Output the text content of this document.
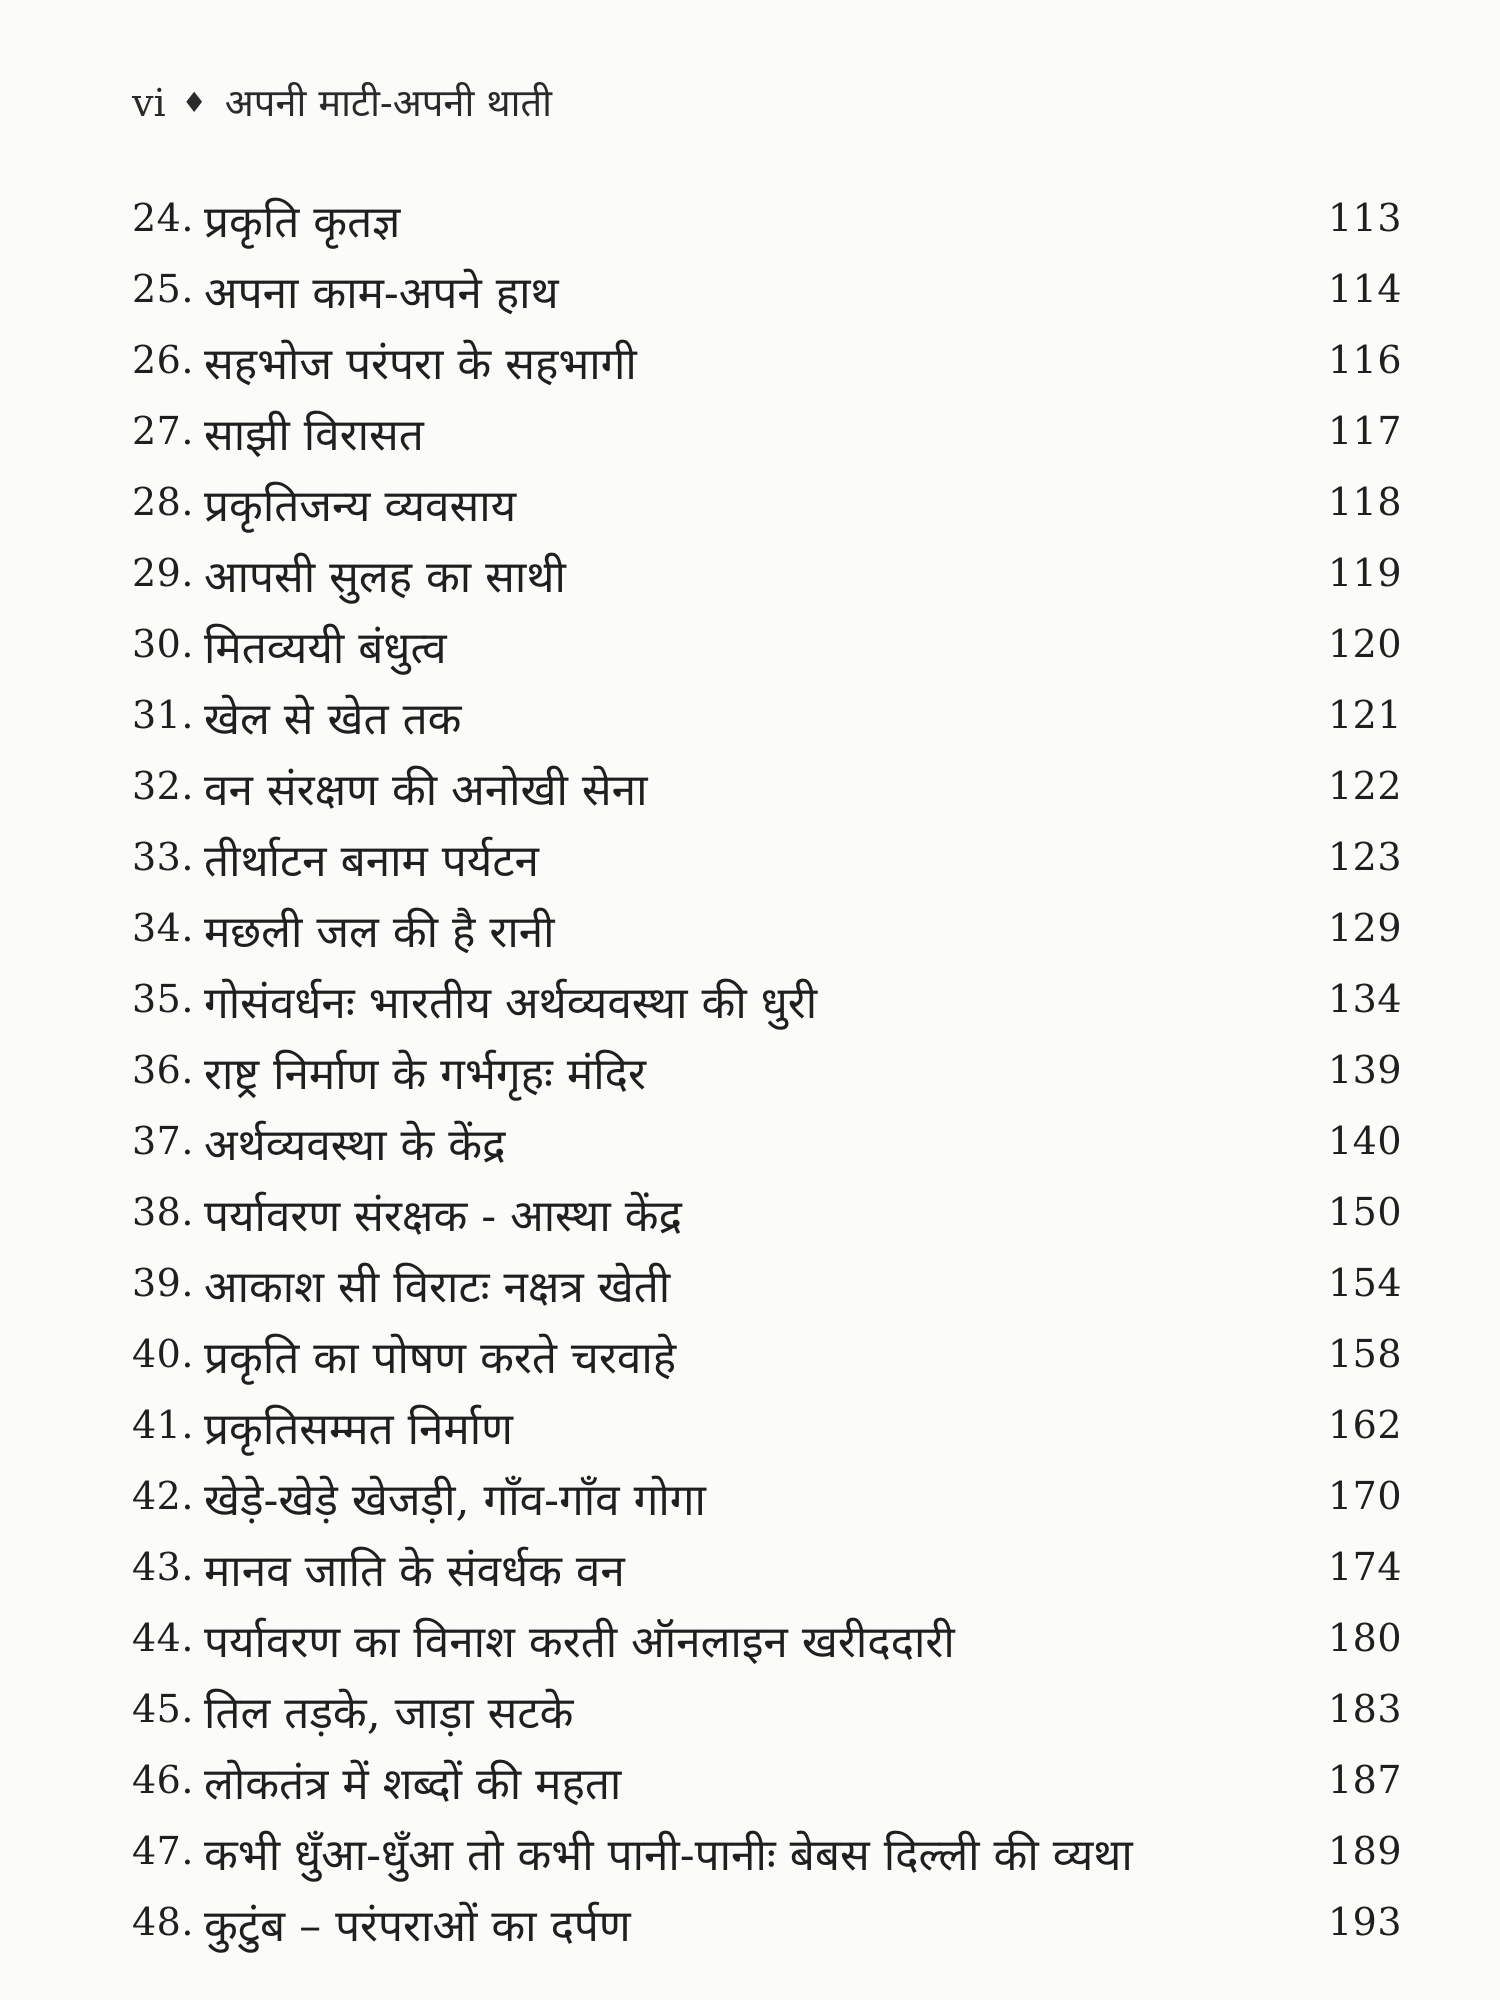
vi ♦ अपनी माटी-अपनी थाती
24. प्रकृति कृतज्ञ	113
25. अपना काम-अपने हाथ	114
26. सहभोज परंपरा के सहभागी	116
27. साझी विरासत	117
28. प्रकृतिजन्य व्यवसाय	118
29. आपसी सुलह का साथी	119
30. मितव्ययी बंधुत्व	120
31. खेल से खेत तक	121
32. वन संरक्षण की अनोखी सेना	122
33. तीर्थाटन बनाम पर्यटन	123
34. मछली जल की है रानी	129
35. गोसंवर्धनः भारतीय अर्थव्यवस्था की धुरी	134
36. राष्ट्र निर्माण के गर्भगृहः मंदिर	139
37. अर्थव्यवस्था के केंद्र	140
38. पर्यावरण संरक्षक - आस्था केंद्र	150
39. आकाश सी विराटः नक्षत्र खेती	154
40. प्रकृति का पोषण करते चरवाहे	158
41. प्रकृतिसम्मत निर्माण	162
42. खेड़े-खेड़े खेजड़ी, गाँव-गाँव गोगा	170
43. मानव जाति के संवर्धक वन	174
44. पर्यावरण का विनाश करती ऑनलाइन खरीददारी	180
45. तिल तड़के, जाड़ा सटके	183
46. लोकतंत्र में शब्दों की महता	187
47. कभी धुँआ-धुँआ तो कभी पानी-पानीः बेबस दिल्ली की व्यथा	189
48. कुटुंब – परंपराओं का दर्पण	193
